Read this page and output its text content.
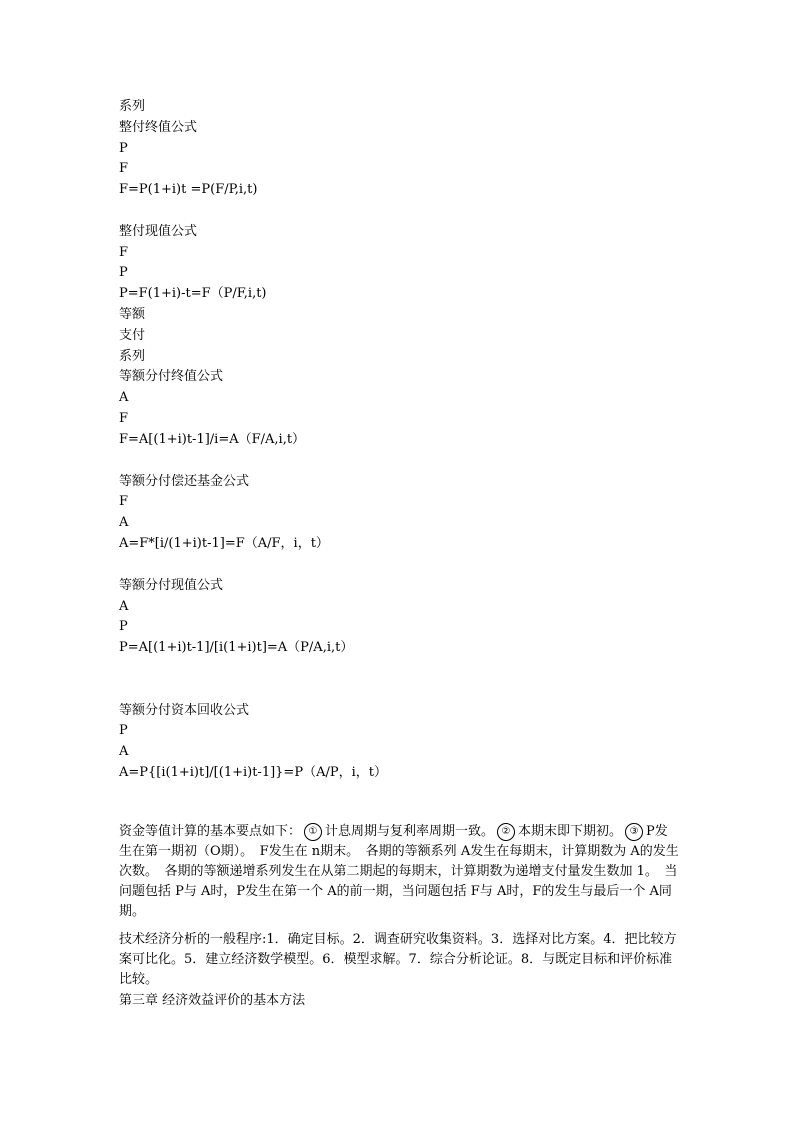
系列
整付终值公式
P
F
F=P(1+i)t =P(F/P,i,t)
整付现值公式
F
P
P=F(1+i)-t=F（P/F,i,t)
等额
支付
系列
等额分付终值公式
A
F
F=A[(1+i)t-1]/i=A（F/A,i,t）
等额分付偿还基金公式
F
A
A=F*[i/(1+i)t-1]=F（A/F，i，t）
等额分付现值公式
A
P
P=A[(1+i)t-1]/[i(1+i)t]=A（P/A,i,t）
等额分付资本回收公式
P
A
A=P{[i(1+i)t]/[(1+i)t-1]}=P（A/P，i，t）
资金等值计算的基本要点如下： ① 计息周期与复利率周期一致。 ② 本期末即下期初。 ③ P发生在第一期初（O期）。　F发生在 n期末。　各期的等额系列 A发生在每期末，计算期数为 A的发生次数。　各期的等额递增系列发生在从第二期起的每期末，计算期数为递增支付量发生数加 1。　当问题包括 P与 A时，P发生在第一个 A的前一期，当问题包括 F与 A时，F的发生与最后一个 A同期。
技术经济分析的一般程序:1．确定目标。2．调查研究收集资料。3．选择对比方案。4．把比较方案可比化。5．建立经济数学模型。6．模型求解。7．综合分析论证。8．与既定目标和评价标准比较。
第三章 经济效益评价的基本方法
